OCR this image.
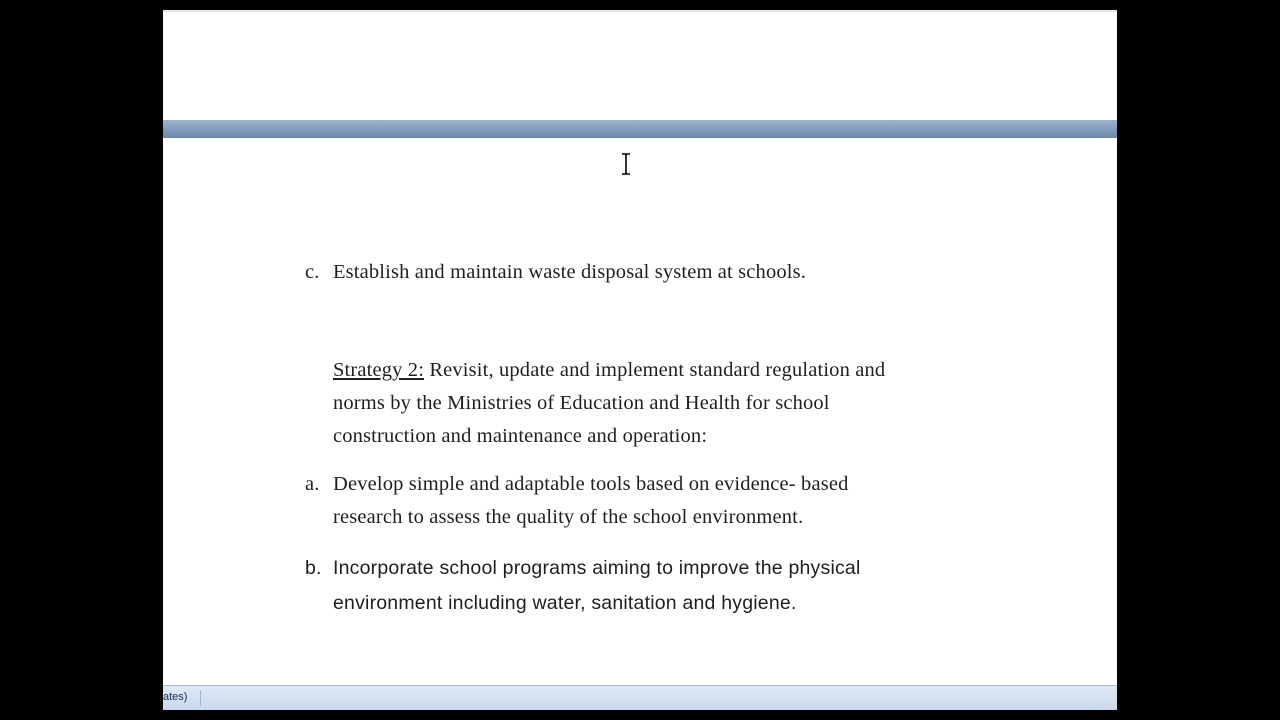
c. Establish and maintain waste disposal system at schools.
Strategy 2: Revisit, update and implement standard regulation and
norms by the Ministries of Education and Health for school
construction and maintenance and operation:
a. Develop simple and adaptable tools based on evidence- based
research to assess the quality of the school environment.
b. Incorporate school programs aiming to improve the physical
environment including water, sanitation and hygiene.
ates)
